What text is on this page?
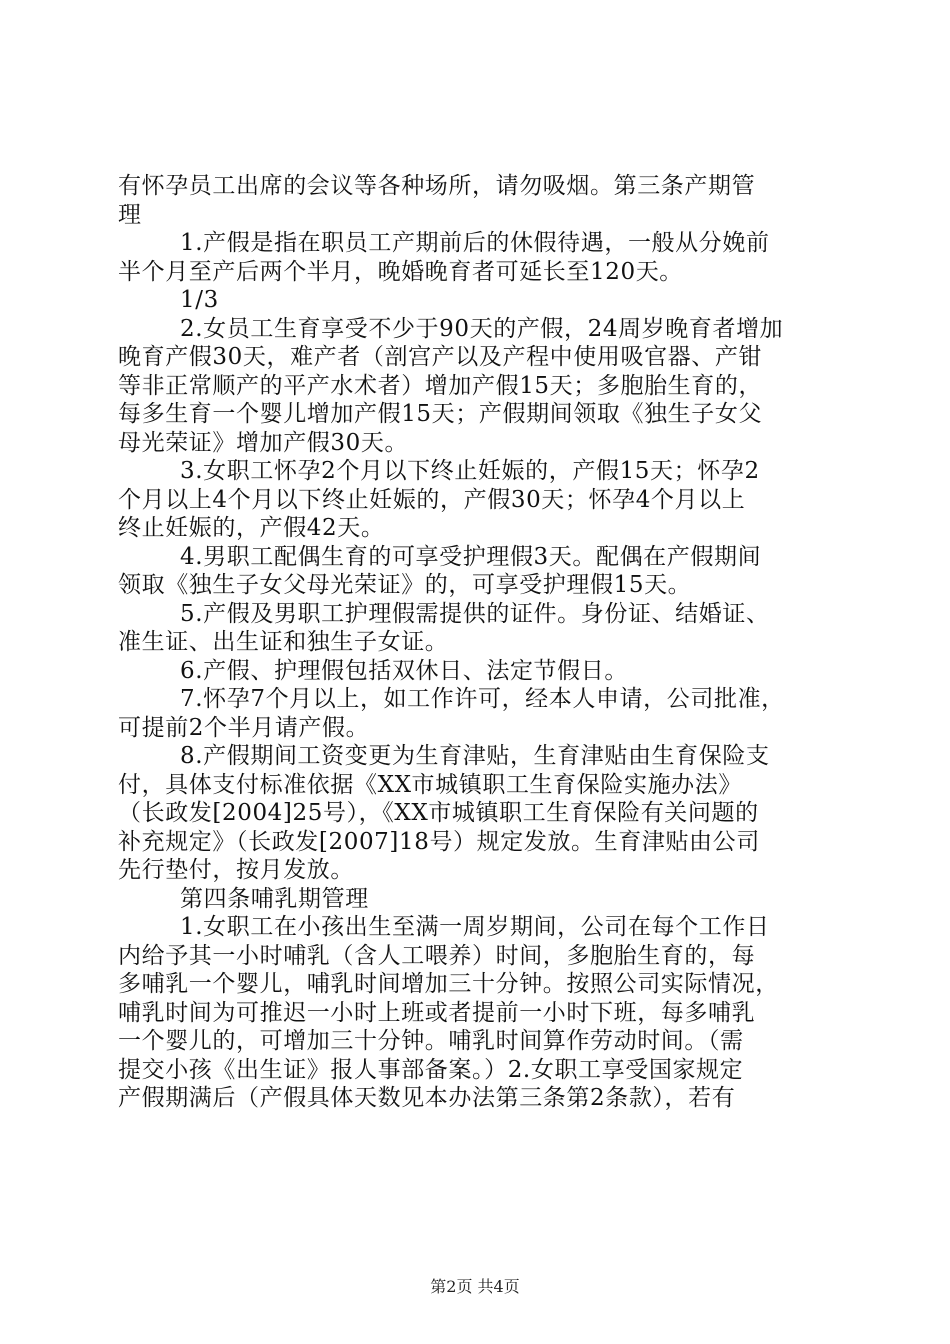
有怀孕员工出席的会议等各种场所，请勿吸烟。第三条产期管
理
1.产假是指在职员工产期前后的休假待遇，一般从分娩前
半个月至产后两个半月，晚婚晚育者可延长至120天。
1/3
2.女员工生育享受不少于90天的产假，24周岁晚育者增加
晚育产假30天，难产者（剖宫产以及产程中使用吸官器、产钳
等非正常顺产的平产水术者）增加产假15天；多胞胎生育的，
每多生育一个婴儿增加产假15天；产假期间领取《独生子女父
母光荣证》增加产假30天。
3.女职工怀孕2个月以下终止妊娠的，产假15天；怀孕2
个月以上4个月以下终止妊娠的，产假30天；怀孕4个月以上
终止妊娠的，产假42天。
4.男职工配偶生育的可享受护理假3天。配偶在产假期间
领取《独生子女父母光荣证》的，可享受护理假15天。
5.产假及男职工护理假需提供的证件。身份证、结婚证、
准生证、出生证和独生子女证。
6.产假、护理假包括双休日、法定节假日。
7.怀孕7个月以上，如工作许可，经本人申请，公司批准，
可提前2个半月请产假。
8.产假期间工资变更为生育津贴，生育津贴由生育保险支
付，具体支付标准依据《XX市城镇职工生育保险实施办法》
（长政发[2004]25号），《XX市城镇职工生育保险有关问题的
补充规定》（长政发[2007]18号）规定发放。生育津贴由公司
先行垫付，按月发放。
第四条哺乳期管理
1.女职工在小孩出生至满一周岁期间，公司在每个工作日
内给予其一小时哺乳（含人工喂养）时间，多胞胎生育的，每
多哺乳一个婴儿，哺乳时间增加三十分钟。按照公司实际情况，
哺乳时间为可推迟一小时上班或者提前一小时下班，每多哺乳
一个婴儿的，可增加三十分钟。哺乳时间算作劳动时间。（需
提交小孩《出生证》报人事部备案。）2.女职工享受国家规定
产假期满后（产假具体天数见本办法第三条第2条款），若有
第2页 共4页
